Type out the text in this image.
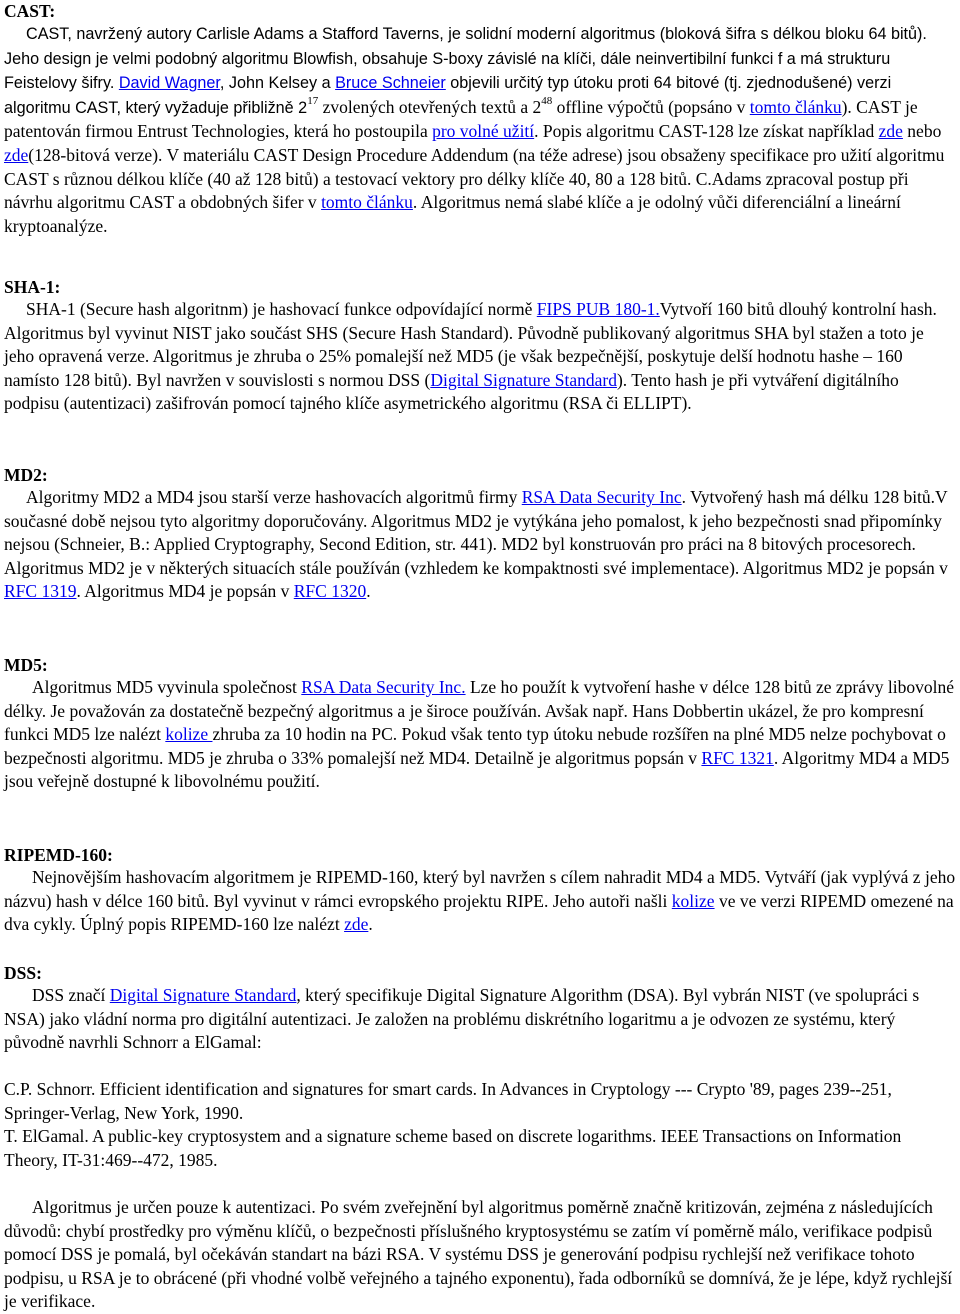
CAST:

CAST, navržený autory Carlisle Adams a Stafford Taverns, je solidní moderní algoritmus (bloková šifra s délkou bloku 64 bitů). Jeho design je velmi podobný algoritmu Blowfish, obsahuje S-boxy závislé na klíči, dále neinvertibilní funkci f a má strukturu Feistelovy šifry. David Wagner, John Kelsey a Bruce Schneier objevili určitý typ útoku proti 64 bitové (tj. zjednodušené) verzi algoritmu CAST, který vyžaduje přibližně $2^{17}$ zvolených otevřených textů a $2^{48}$ offline výpočtů (popsáno v tomto článku). CAST je patentován firmou Entrust Technologies, která ho postoupila pro volné užití. Popis algoritmu CAST-128 lze získat například zde nebo zde(128-bitová verze). V materiálu CAST Design Procedure Addendum (na téže adrese) jsou obsaženy specifikace pro užití algoritmu CAST s různou délkou klíče (40 až 128 bitů) a testovací vektory pro délky klíče 40, 80 a 128 bitů. C.Adams zpracoval postup při návrhu algoritmu CAST a obdobných šifer v tomto článku. Algoritmus nemá slabé klíče a je odolný vůči diferenciální a lineární kryptoanalýze.

SHA-1:

SHA-1 (Secure hash algoritnm) je hashovací funkce odpovídající normě FIPS PUB 180-1.Vytvoří 160 bitů dlouhý kontrolní hash. Algoritmus byl vyvinut NIST jako součást SHS (Secure Hash Standard). Původně publikovaný algoritmus SHA byl stažen a toto je jeho opravená verze. Algoritmus je zhruba o 25% pomalejší než MD5 (je však bezpečnější, poskytuje delší hodnotu hashe – 160 namísto 128 bitů). Byl navržen v souvislosti s normou DSS (Digital Signature Standard). Tento hash je při vytváření digitálního podpisu (autentizaci) zašifrován pomocí tajného klíče asymetrického algoritmu (RSA či ELLIPT).

MD2:

Algoritmy MD2 a MD4 jsou starší verze hashovacích algoritmů firmy RSA Data Security Inc. Vytvořený hash má délku 128 bitů.V současné době nejsou tyto algoritmy doporučovány. Algoritmus MD2 je vytýkána jeho pomalost, k jeho bezpečnosti snad připomínky nejsou (Schneier, B.: Applied Cryptography, Second Edition, str. 441). MD2 byl konstruován pro práci na 8 bitových procesorech. Algoritmus MD2 je v některých situacích stále používán (vzhledem ke kompaktnosti své implementace). Algoritmus MD2 je popsán v RFC 1319. Algoritmus MD4 je popsán v RFC 1320.

MD5:

Algoritmus MD5 vyvinula společnost RSA Data Security Inc. Lze ho použít k vytvoření hashe v délce 128 bitů ze zprávy libovolné délky. Je považován za dostatečně bezpečný algoritmus a je široce používán. Avšak např. Hans Dobbertin ukázel, že pro kompresní funkci MD5 lze nalézt kolize zhruba za 10 hodin na PC. Pokud však tento typ útoku nebude rozšířen na plné MD5 nelze pochybovat o bezpečnosti algoritmu. MD5 je zhruba o 33% pomalejší než MD4. Detailně je algoritmus popsán v RFC 1321. Algoritmy MD4 a MD5 jsou veřejně dostupné k libovolnému použití.

RIPEMD-160:

Nejnovějším hashovacím algoritmem je RIPEMD-160, který byl navržen s cílem nahradit MD4 a MD5. Vytváří (jak vyplývá z jeho názvu) hash v délce 160 bitů. Byl vyvinut v rámci evropského projektu RIPE. Jeho autoři našli kolize ve ve verzi RIPEMD omezené na dva cykly. Úplný popis RIPEMD-160 lze nalézt zde.

DSS:

DSS značí Digital Signature Standard, který specifikuje Digital Signature Algorithm (DSA). Byl vybrán NIST (ve spolupráci s NSA) jako vládní norma pro digitální autentizaci. Je založen na problému diskrétního logaritmu a je odvozen ze systému, který původně navrhli Schnorr a ElGamal:

C.P. Schnorr. Efficient identification and signatures for smart cards. In Advances in Cryptology --- Crypto '89, pages 239--251, Springer-Verlag, New York, 1990.

T. ElGamal. A public-key cryptosystem and a signature scheme based on discrete logarithms. IEEE Transactions on Information Theory, IT-31:469--472, 1985.

Algoritmus je určen pouze k autentizaci. Po svém zveřejnění byl algoritmus poměrně značně kritizován, zejména z následujících důvodů: chybí prostředky pro výměnu klíčů, o bezpečnosti příslušného kryptosystému se zatím ví poměrně málo, verifikace podpisů pomocí DSS je pomalá, byl očekáván standart na bázi RSA. V systému DSS je generování podpisu rychlejší než verifikace tohoto podpisu, u RSA je to obrácené (při vhodné volbě veřejného a tajného exponentu), řada odborníků se domnívá, že je lépe, když rychlejší je verifikace.
